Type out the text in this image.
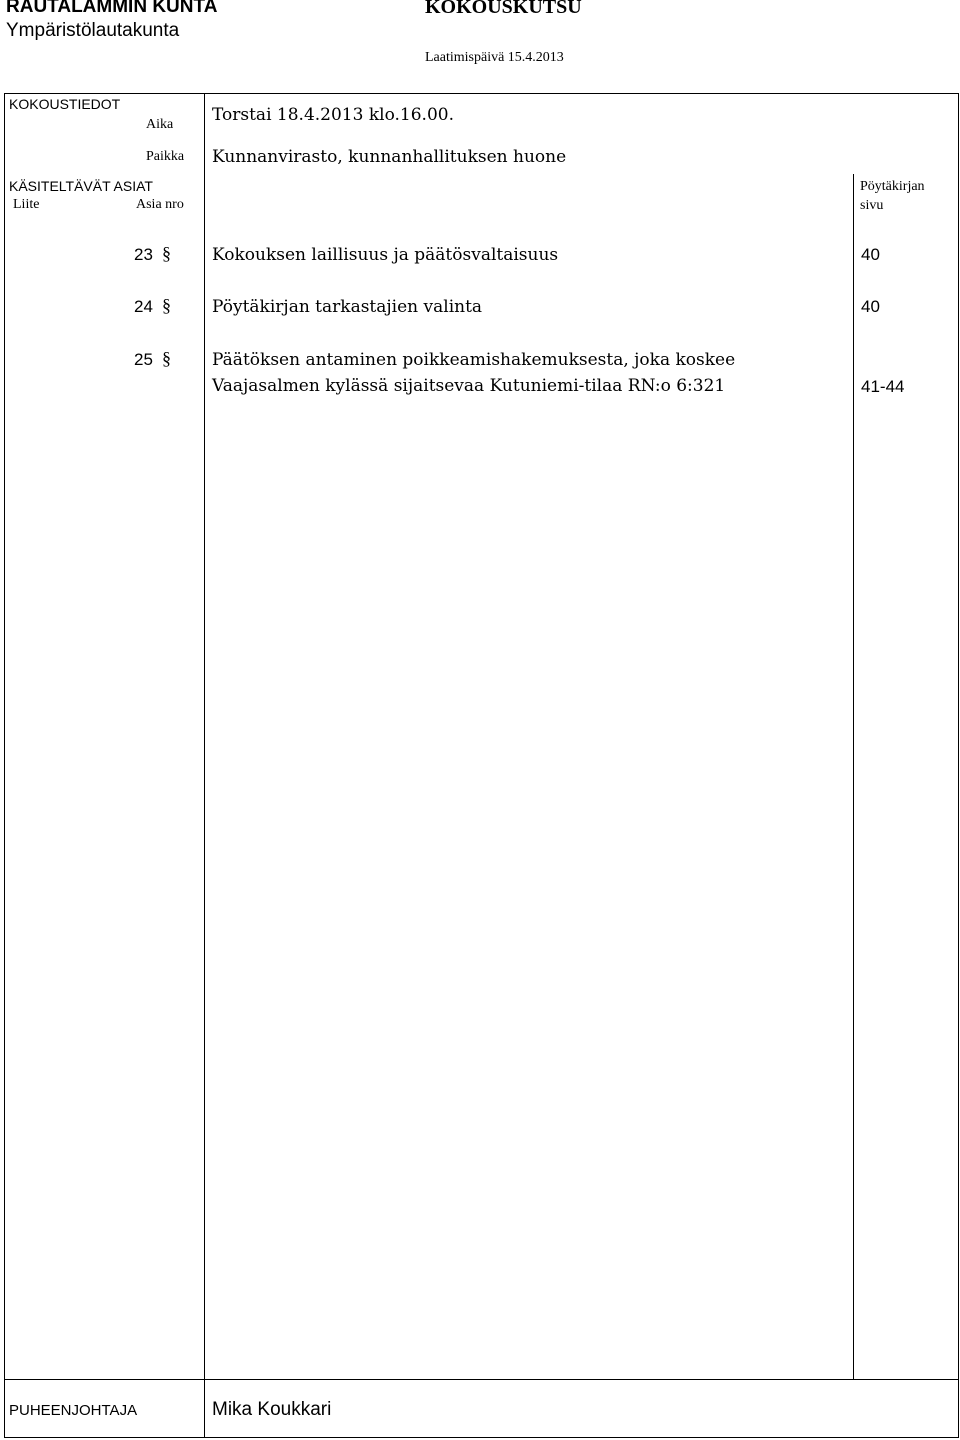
RAUTALAMMIN KUNTA
Ympäristölautakunta
KOKOUSKUTSU
Laatimispäivä 15.4.2013
KOKOUSTIEDOT
Aika Torstai 18.4.2013 klo.16.00.
Paikka Kunnanvirasto, kunnanhallituksen huone
KÄSITELTÄVÄT ASIAT
Liite	Asia nro
Pöytäkirjan
sivu
23 § Kokouksen laillisuus ja päätösvaltaisuus	40
24 § Pöytäkirjan tarkastajien valinta	40
25 § Päätöksen antaminen poikkeamishakemuksesta, joka koskee
Vaajasalmen kylässä sijaitsevaa Kutuniemi-tilaa RN:o 6:321	41-44
PUHEENJOHTAJA	Mika Koukkari
